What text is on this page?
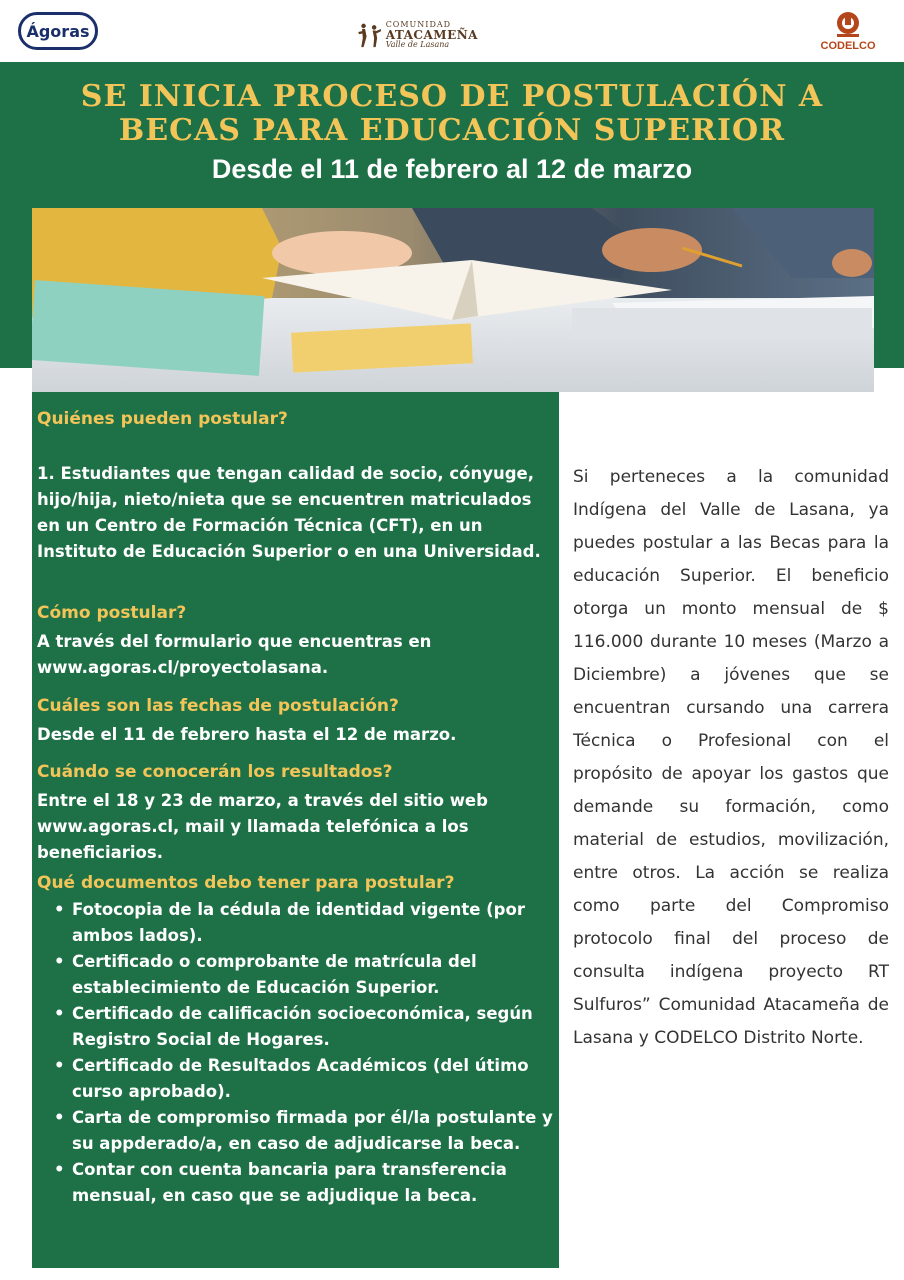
Ágoras	COMUNIDAD
ATACAMEÑA
Valle de Lasana	CODELCO
SE INICIA PROCESO DE POSTULACIÓN A BECAS PARA EDUCACIÓN SUPERIOR

Desde el 11 de febrero al 12 de marzo

Quiénes pueden postular?

1. Estudiantes que tengan calidad de socio, cónyuge, hijo/hija, nieto/nieta que se encuentren matriculados en un Centro de Formación Técnica (CFT), en un Instituto de Educación Superior o en una Universidad.

Cómo postular?

A través del formulario que encuentras en www.agoras.cl/proyectolasana.

Cuáles son las fechas de postulación?

Desde el 11 de febrero hasta el 12 de marzo.

Cuándo se conocerán los resultados?

Entre el 18 y 23 de marzo, a través del sitio web www.agoras.cl, mail y llamada telefónica a los beneficiarios.

Qué documentos debo tener para postular?

• Fotocopia de la cédula de identidad vigente (por ambos lados).
• Certificado o comprobante de matrícula del establecimiento de Educación Superior.
• Certificado de calificación socioeconómica, según Registro Social de Hogares.
• Certificado de Resultados Académicos (del útimo curso aprobado).
• Carta de compromiso firmada por él/la postulante y su appderado/a, en caso de adjudicarse la beca.
• Contar con cuenta bancaria para transferencia mensual, en caso que se adjudique la beca.

Si perteneces a la comunidad Indígena del Valle de Lasana, ya puedes postular a las Becas para la educación Superior. El beneficio otorga un monto mensual de $ 116.000 durante 10 meses (Marzo a Diciembre) a jóvenes que se encuentran cursando una carrera Técnica o Profesional con el propósito de apoyar los gastos que demande su formación, como material de estudios, movilización, entre otros. La acción se realiza como parte del Compromiso protocolo final del proceso de consulta indígena proyecto RT Sulfuros” Comunidad Atacameña de Lasana y CODELCO Distrito Norte.
